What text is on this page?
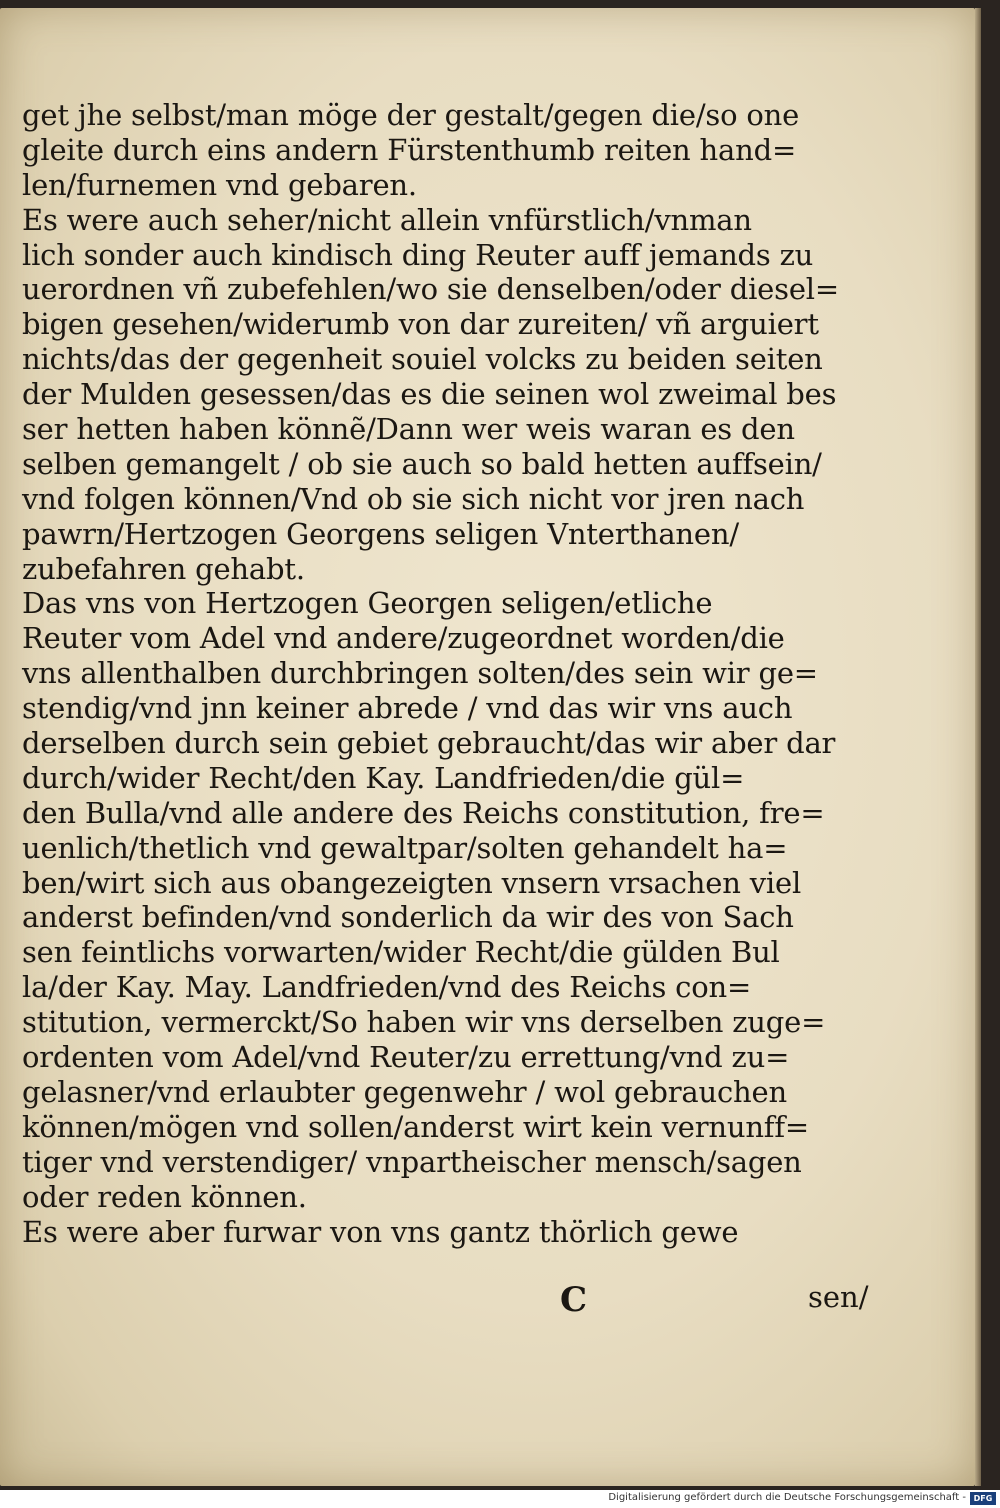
get jhe selbst/man möge der gestalt/gegen die/so one
gleite durch eins andern Fürstenthumb reiten hand=
len/furnemen vnd gebaren.
Es were auch seher/nicht allein vnfürstlich/vnman
lich sonder auch kindisch ding Reuter auff jemands zu
uerordnen vñ zubefehlen/wo sie denselben/oder diesel=
bigen gesehen/widerumb von dar zureiten/ vñ arguiert
nichts/das der gegenheit souiel volcks zu beiden seiten
der Mulden gesessen/das es die seinen wol zweimal bes
ser hetten haben könnẽ/Dann wer weis waran es den
selben gemangelt / ob sie auch so bald hetten auffsein/
vnd folgen können/Vnd ob sie sich nicht vor jren nach
pawrn/Hertzogen Georgens seligen Vnterthanen/
zubefahren gehabt.
Das vns von Hertzogen Georgen seligen/etliche
Reuter vom Adel vnd andere/zugeordnet worden/die
vns allenthalben durchbringen solten/des sein wir ge=
stendig/vnd jnn keiner abrede / vnd das wir vns auch
derselben durch sein gebiet gebraucht/das wir aber dar
durch/wider Recht/den Kay. Landfrieden/die gül=
den Bulla/vnd alle andere des Reichs constitution, fre=
uenlich/thetlich vnd gewaltpar/solten gehandelt ha=
ben/wirt sich aus obangezeigten vnsern vrsachen viel
anderst befinden/vnd sonderlich da wir des von Sach
sen feintlichs vorwarten/wider Recht/die gülden Bul
la/der Kay. May. Landfrieden/vnd des Reichs con=
stitution, vermerckt/So haben wir vns derselben zuge=
ordenten vom Adel/vnd Reuter/zu errettung/vnd zu=
gelasner/vnd erlaubter gegenwehr / wol gebrauchen
können/mögen vnd sollen/anderst wirt kein vernunff=
tiger vnd verstendiger/ vnpartheischer mensch/sagen
oder reden können.
Es were aber furwar von vns gantz thörlich gewe
C	sen/
Digitalisierung gefördert durch die Deutsche Forschungsgemeinschaft - DFG
